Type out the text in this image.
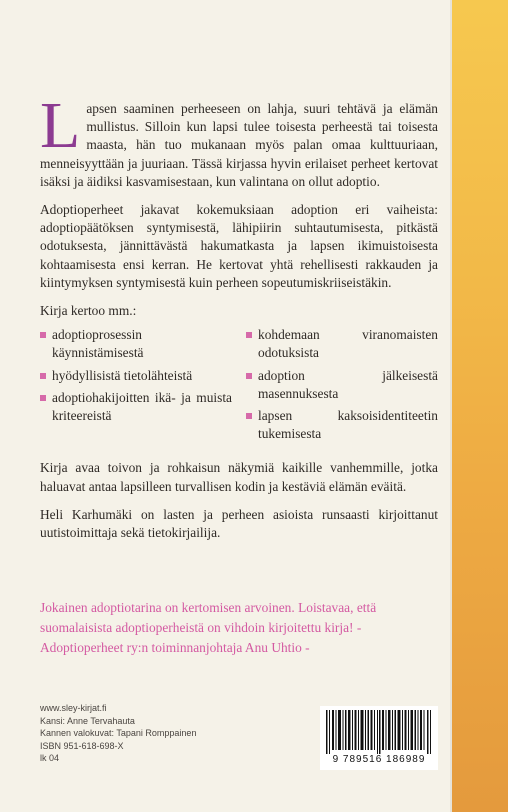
Lapsen saaminen perheeseen on lahja, suuri tehtävä ja elämän mullistus. Silloin kun lapsi tulee toisesta perheestä tai toisesta maasta, hän tuo mukanaan myös palan omaa kulttuuriaan, menneisyyttään ja juuriaan. Tässä kirjassa hyvin erilaiset perheet kertovat isäksi ja äidiksi kasvamisestaan, kun valintana on ollut adoptio.

Adoptioperheet jakavat kokemuksiaan adoption eri vaiheista: adoptiopäätöksen syntymisestä, lähipiirin suhtautumisesta, pitkästä odotuksesta, jännittävästä hakumatkasta ja lapsen ikimuistoisesta kohtaamisesta ensi kerran. He kertovat yhtä rehellisesti rakkauden ja kiintymyksen syntymisestä kuin perheen sopeutumiskriiseistäkin.

Kirja kertoo mm.:

adoptioprosessin käynnistämisestä
hyödyllisistä tietolähteistä
adoptiohakijoitten ikä- ja muista kriteereistä
kohdemaan viranomaisten odotuksista
adoption jälkeisestä masennuksesta
lapsen kaksoisidentiteetin tukemisesta

Kirja avaa toivon ja rohkaisun näkymiä kaikille vanhemmille, jotka haluavat antaa lapsilleen turvallisen kodin ja kestäviä elämän eväitä.

Heli Karhumäki on lasten ja perheen asioista runsaasti kirjoittanut uutistoimittaja sekä tietokirjailija.

Jokainen adoptiotarina on kertomisen arvoinen. Loistavaa, että suomalaisista adoptioperheistä on vihdoin kirjoitettu kirja! - Adoptioperheet ry:n toiminnanjohtaja Anu Uhtio -
www.sley-kirjat.fi
Kansi: Anne Tervahauta
Kannen valokuvat: Tapani Romppainen
ISBN 951-618-698-X
lk 04	9 789516 186989
